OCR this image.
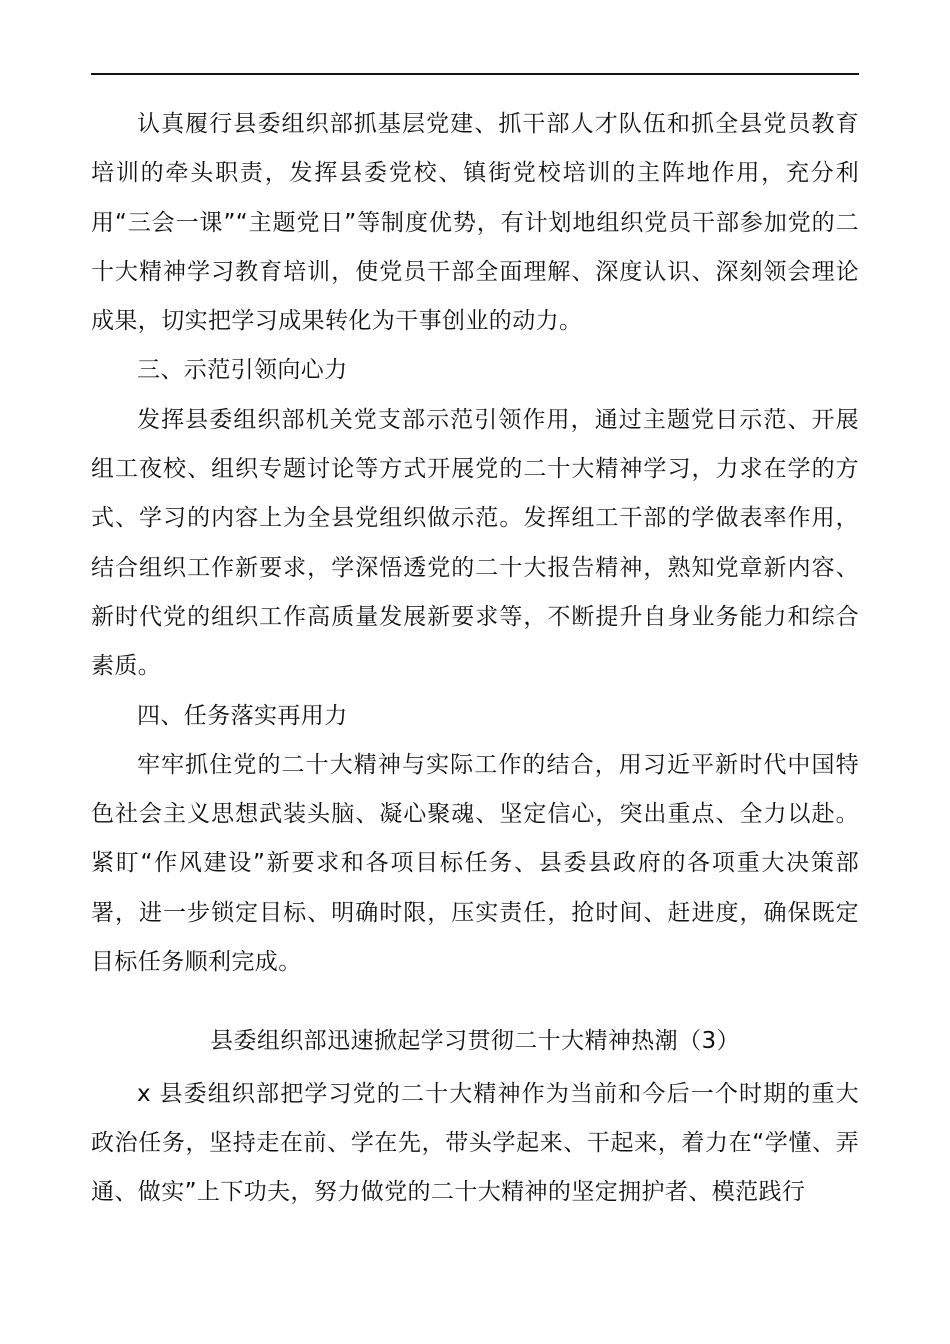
认真履行县委组织部抓基层党建、抓干部人才队伍和抓全县党员教育培训的牵头职责，发挥县委党校、镇街党校培训的主阵地作用，充分利用“三会一课”“主题党日”等制度优势，有计划地组织党员干部参加党的二十大精神学习教育培训，使党员干部全面理解、深度认识、深刻领会理论成果，切实把学习成果转化为干事创业的动力。

三、示范引领向心力

发挥县委组织部机关党支部示范引领作用，通过主题党日示范、开展组工夜校、组织专题讨论等方式开展党的二十大精神学习，力求在学的方式、学习的内容上为全县党组织做示范。发挥组工干部的学做表率作用，结合组织工作新要求，学深悟透党的二十大报告精神，熟知党章新内容、新时代党的组织工作高质量发展新要求等，不断提升自身业务能力和综合素质。

四、任务落实再用力

牢牢抓住党的二十大精神与实际工作的结合，用习近平新时代中国特色社会主义思想武装头脑、凝心聚魂、坚定信心，突出重点、全力以赴。紧盯“作风建设”新要求和各项目标任务、县委县政府的各项重大决策部署，进一步锁定目标、明确时限，压实责任，抢时间、赶进度，确保既定目标任务顺利完成。

县委组织部迅速掀起学习贯彻二十大精神热潮（3）

x 县委组织部把学习党的二十大精神作为当前和今后一个时期的重大政治任务，坚持走在前、学在先，带头学起来、干起来，着力在“学懂、弄通、做实”上下功夫，努力做党的二十大精神的坚定拥护者、模范践行
